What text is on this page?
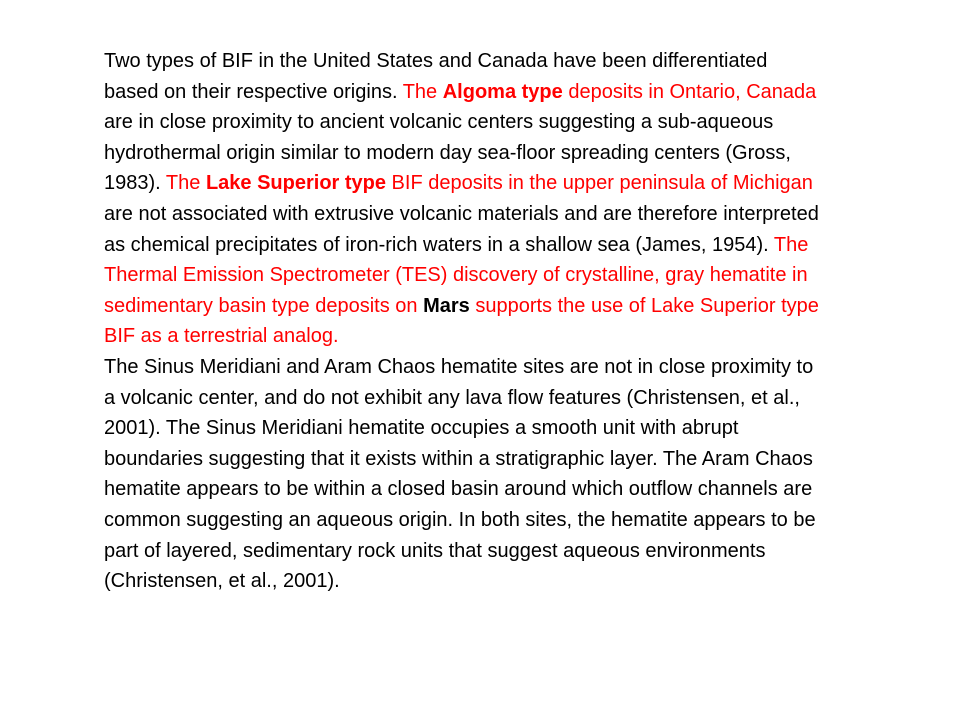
Two types of BIF in the United States and Canada have been differentiated based on their respective origins. The Algoma type deposits in Ontario, Canada are in close proximity to ancient volcanic centers suggesting a sub-aqueous hydrothermal origin similar to modern day sea-floor spreading centers (Gross, 1983). The Lake Superior type BIF deposits in the upper peninsula of Michigan are not associated with extrusive volcanic materials and are therefore interpreted as chemical precipitates of iron-rich waters in a shallow sea (James, 1954). The Thermal Emission Spectrometer (TES) discovery of crystalline, gray hematite in sedimentary basin type deposits on Mars supports the use of Lake Superior type BIF as a terrestrial analog.

The Sinus Meridiani and Aram Chaos hematite sites are not in close proximity to a volcanic center, and do not exhibit any lava flow features (Christensen, et al., 2001). The Sinus Meridiani hematite occupies a smooth unit with abrupt boundaries suggesting that it exists within a stratigraphic layer. The Aram Chaos hematite appears to be within a closed basin around which outflow channels are common suggesting an aqueous origin. In both sites, the hematite appears to be part of layered, sedimentary rock units that suggest aqueous environments (Christensen, et al., 2001).
